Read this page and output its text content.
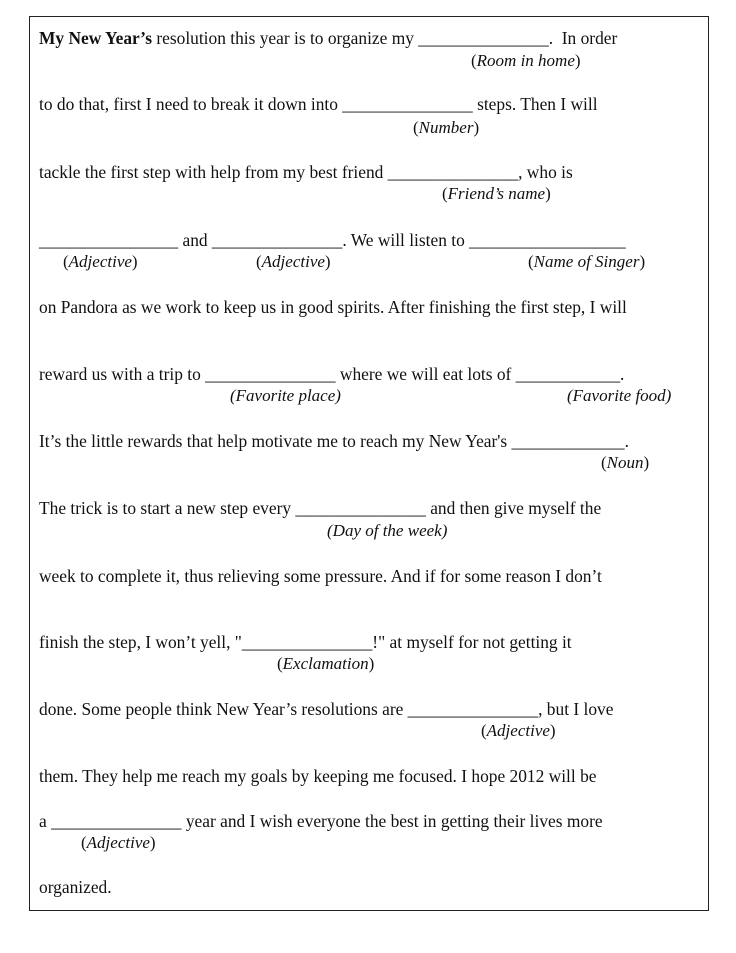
My New Year’s resolution this year is to organize my _______________.  In order
(Room in home)
to do that, first I need to break it down into _______________ steps. Then I will
(Number)
tackle the first step with help from my best friend _______________, who is
(Friend’s name)
________________ and _______________. We will listen to __________________
(Adjective)	(Adjective)	(Name of Singer)
on Pandora as we work to keep us in good spirits. After finishing the first step, I will
reward us with a trip to _______________ where we will eat lots of ____________.
(Favorite place)	(Favorite food)
It’s the little rewards that help motivate me to reach my New Year's _____________.
(Noun)
The trick is to start a new step every _______________ and then give myself the
(Day of the week)
week to complete it, thus relieving some pressure. And if for some reason I don’t
finish the step, I won’t yell, "_______________!" at myself for not getting it
(Exclamation)
done. Some people think New Year’s resolutions are _______________, but I love
(Adjective)
them. They help me reach my goals by keeping me focused. I hope 2012 will be
a _______________ year and I wish everyone the best in getting their lives more
(Adjective)
organized.
